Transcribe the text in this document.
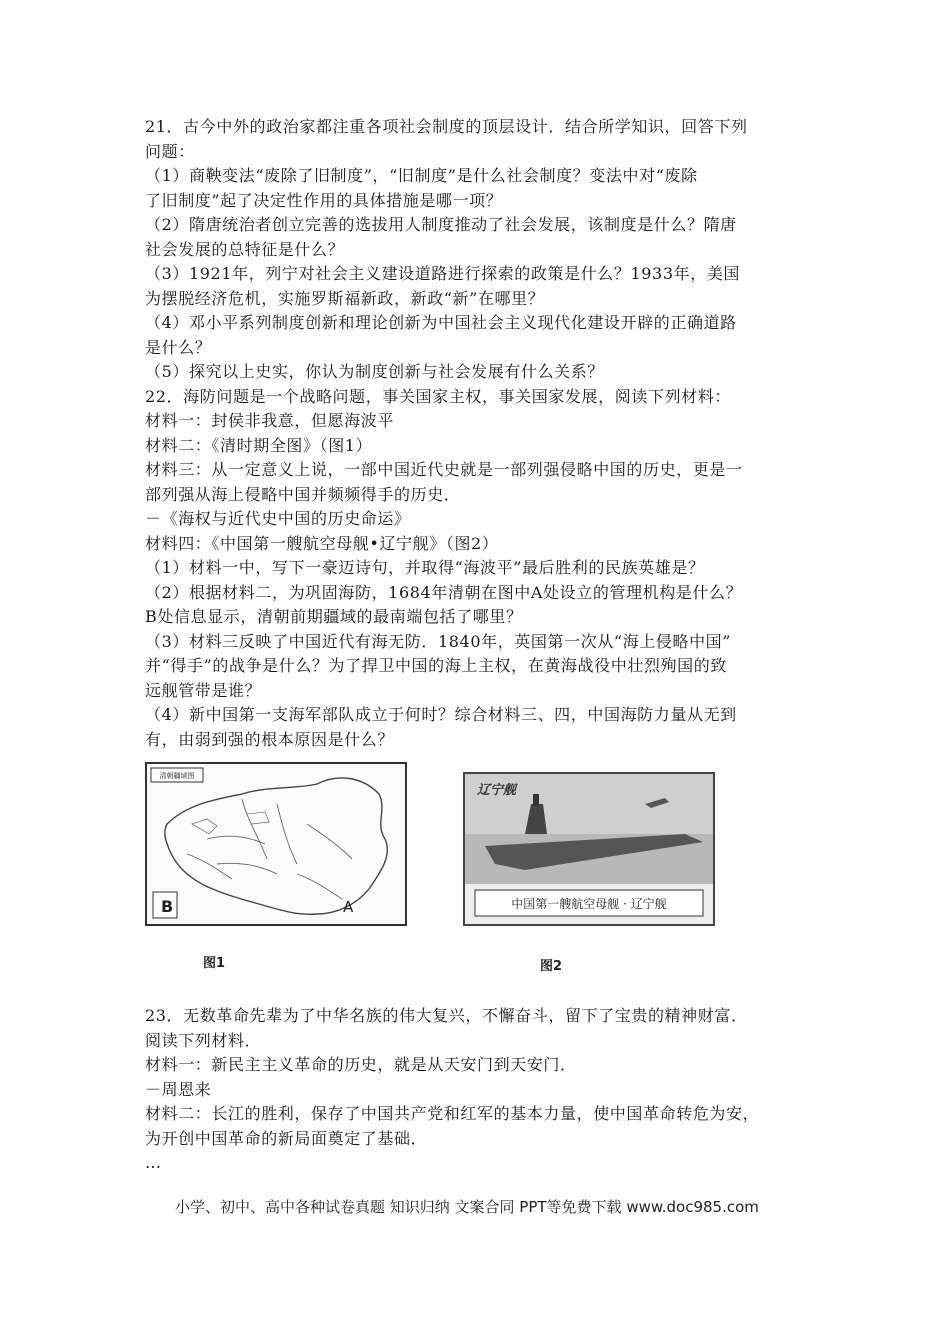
21．古今中外的政治家都注重各项社会制度的顶层设计．结合所学知识，回答下列
问题：
（1）商鞅变法“废除了旧制度”，“旧制度”是什么社会制度？变法中对“废除
了旧制度”起了决定性作用的具体措施是哪一项？
（2）隋唐统治者创立完善的选拔用人制度推动了社会发展，该制度是什么？隋唐
社会发展的总特征是什么？
（3）1921年，列宁对社会主义建设道路进行探索的政策是什么？1933年，美国
为摆脱经济危机，实施罗斯福新政，新政“新”在哪里？
（4）邓小平系列制度创新和理论创新为中国社会主义现代化建设开辟的正确道路
是什么？
（5）探究以上史实，你认为制度创新与社会发展有什么关系？
22．海防问题是一个战略问题，事关国家主权，事关国家发展，阅读下列材料：
材料一：封侯非我意，但愿海波平
材料二：《清时期全图》（图1）
材料三：从一定意义上说，一部中国近代史就是一部列强侵略中国的历史，更是一
部列强从海上侵略中国并频频得手的历史．
－《海权与近代史中国的历史命运》
材料四：《中国第一艘航空母舰•辽宁舰》（图2）
（1）材料一中，写下一豪迈诗句，并取得“海波平”最后胜利的民族英雄是？
（2）根据材料二，为巩固海防，1684年清朝在图中A处设立的管理机构是什么？
B处信息显示，清朝前期疆域的最南端包括了哪里？
（3）材料三反映了中国近代有海无防．1840年，英国第一次从“海上侵略中国”
并“得手”的战争是什么？为了捍卫中国的海上主权，在黄海战役中壮烈殉国的致
远舰管带是谁？
（4）新中国第一支海军部队成立于何时？综合材料三、四，中国海防力量从无到
有，由弱到强的根本原因是什么？
清朝疆域图
B	A
辽宁舰
中国第一艘航空母舰 · 辽宁舰
图1	图2
23．无数革命先辈为了中华名族的伟大复兴，不懈奋斗，留下了宝贵的精神财富．
阅读下列材料．
材料一：新民主主义革命的历史，就是从天安门到天安门．
－周恩来
材料二：长江的胜利，保存了中国共产党和红军的基本力量，使中国革命转危为安，
为开创中国革命的新局面奠定了基础．
…
小学、初中、高中各种试卷真题 知识归纳 文案合同 PPT等免费下载 www.doc985.com
